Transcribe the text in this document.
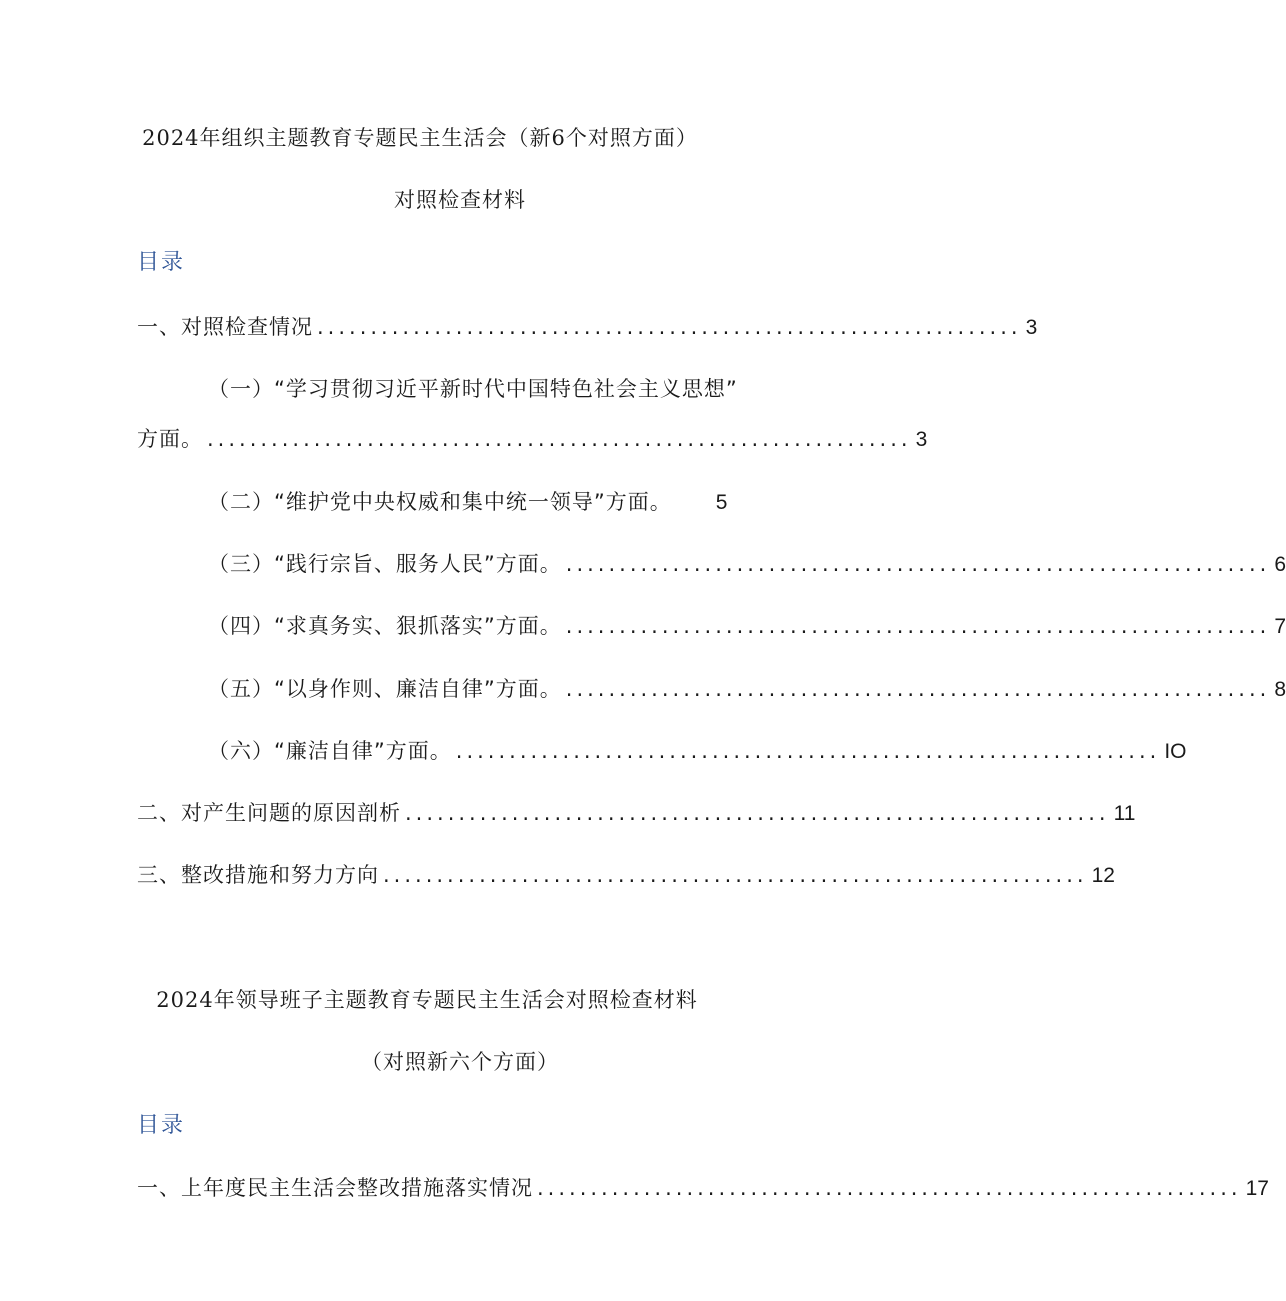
2024年组织主题教育专题民主生活会（新6个对照方面）
对照检查材料
目录
一、对照检查情况 .................................................................. 3
（一）“学习贯彻习近平新时代中国特色社会主义思想”
方面。 .................................................................. 3
（二）“维护党中央权威和集中统一领导”方面。 5
（三）“践行宗旨、服务人民”方面。 .................................................................. 6
（四）“求真务实、狠抓落实”方面。 .................................................................. 7
（五）“以身作则、廉洁自律”方面。 .................................................................. 8
（六）“廉洁自律”方面。 .................................................................. IO
二、对产生问题的原因剖析 .................................................................. 11
三、整改措施和努力方向 .................................................................. 12
2024年领导班子主题教育专题民主生活会对照检查材料
（对照新六个方面）
目录
一、上年度民主生活会整改措施落实情况 .................................................................. 17
